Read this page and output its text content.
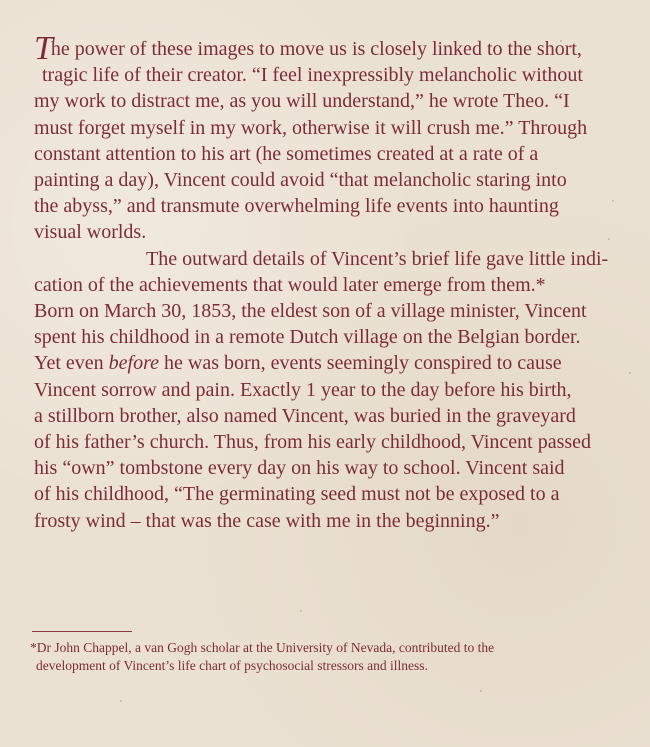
The power of these images to move us is closely linked to the short,
tragic life of their creator. “I feel inexpressibly melancholic without
my work to distract me, as you will understand,” he wrote Theo. “I
must forget myself in my work, otherwise it will crush me.” Through
constant attention to his art (he sometimes created at a rate of a
painting a day), Vincent could avoid “that melancholic staring into
the abyss,” and transmute overwhelming life events into haunting
visual worlds.
The outward details of Vincent’s brief life gave little indi-
cation of the achievements that would later emerge from them.*
Born on March 30, 1853, the eldest son of a village minister, Vincent
spent his childhood in a remote Dutch village on the Belgian border.
Yet even before he was born, events seemingly conspired to cause
Vincent sorrow and pain. Exactly 1 year to the day before his birth,
a stillborn brother, also named Vincent, was buried in the graveyard
of his father’s church. Thus, from his early childhood, Vincent passed
his “own” tombstone every day on his way to school. Vincent said
of his childhood, “The germinating seed must not be exposed to a
frosty wind – that was the case with me in the beginning.”
*Dr John Chappel, a van Gogh scholar at the University of Nevada, contributed to the
development of Vincent’s life chart of psychosocial stressors and illness.
